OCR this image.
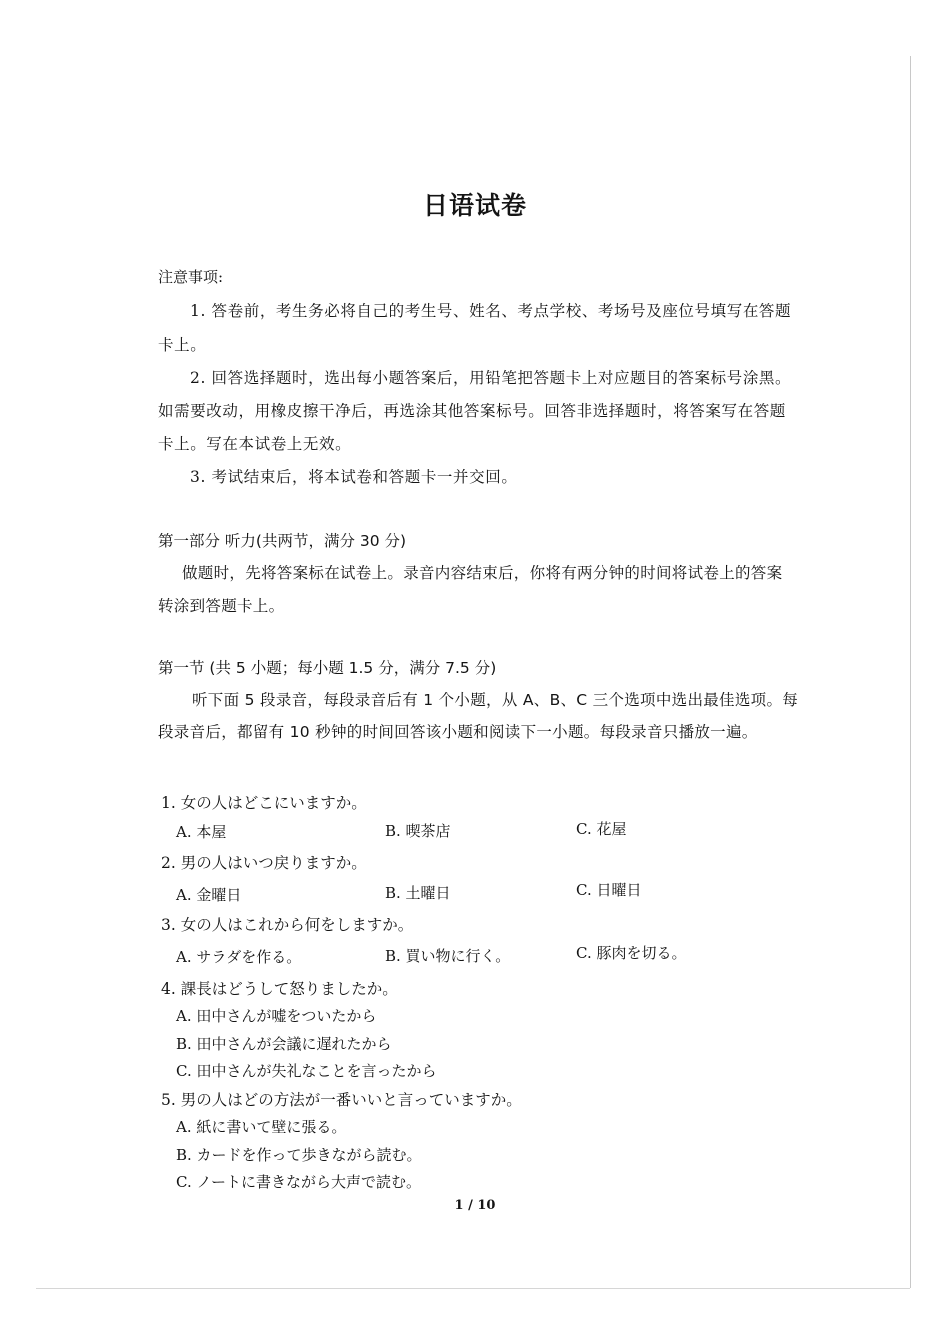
日语试卷
注意事项:
1. 答卷前，考生务必将自己的考生号、姓名、考点学校、考场号及座位号填写在答题
卡上。
2. 回答选择题时，选出每小题答案后，用铅笔把答题卡上对应题目的答案标号涂黑。
如需要改动，用橡皮擦干净后，再选涂其他答案标号。回答非选择题时，将答案写在答题
卡上。写在本试卷上无效。
3. 考试结束后，将本试卷和答题卡一并交回。
第一部分 听力(共两节，满分 30 分)
做题时，先将答案标在试卷上。录音内容结束后，你将有两分钟的时间将试卷上的答案
转涂到答题卡上。
第一节 (共 5 小题；每小题 1.5 分，满分 7.5 分)
听下面 5 段录音，每段录音后有 1 个小题，从 A、B、C 三个选项中选出最佳选项。每
段录音后，都留有 10 秒钟的时间回答该小题和阅读下一小题。每段录音只播放一遍。
1. 女の人はどこにいますか。
A. 本屋	B. 喫茶店	C. 花屋
2. 男の人はいつ戻りますか。
A. 金曜日	B. 土曜日	C. 日曜日
3. 女の人はこれから何をしますか。
A. サラダを作る。	B. 買い物に行く。	C. 豚肉を切る。
4. 課長はどうして怒りましたか。
A. 田中さんが嘘をついたから
B. 田中さんが会議に遅れたから
C. 田中さんが失礼なことを言ったから
5. 男の人はどの方法が一番いいと言っていますか。
A. 紙に書いて壁に張る。
B. カードを作って歩きながら読む。
C. ノートに書きながら大声で読む。
1 / 10
